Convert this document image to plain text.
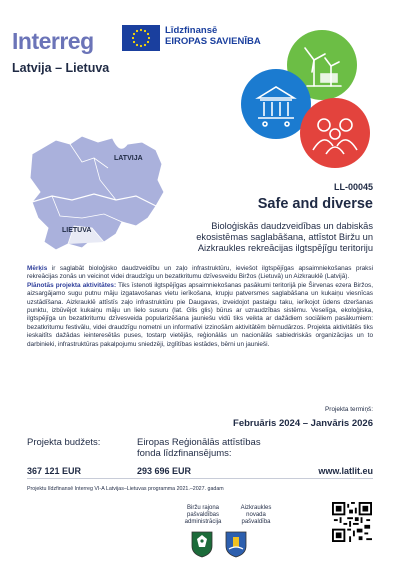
Interreg	Līdzfinansē
EIROPAS SAVIENĪBA
Latvija – Lietuva
LATVIJA
LIETUVA
LL-00045
Safe and diverse
Bioloģiskās daudzveidības un dabiskās ekosistēmas saglabāšana, attīstot Biržu un Aizkraukles rekreācijas ilgtspējīgu teritoriju

Mērķis ir saglabāt bioloģisko daudzveidību un zaļo infrastruktūru, ieviešot ilgtspējīgas apsaimniekošanas praksi rekreācijas zonās un veicinot videi draudzīgu un bezatkritumu dzīvesveidu Biržos (Lietuvā) un Aizkrauklē (Latvijā).

Plānotās projekta aktivitātes: Tiks īstenoti ilgtspējīgas apsaimniekošanas pasākumi teritorijā pie Širvenas ezera Biržos, aizsargājamo sugu putnu māju izgatavošanas vietu ierīkošana, krupju patversmes saglabāšana un kukaiņu viesnīcas uzstādīšana. Aizkrauklē attīstīs zaļo infrastruktūru pie Daugavas, izveidojot pastaigu taku, ierīkojot ūdens dzeršanas punktu, izbūvējot kukaiņu māju un lielo susuru (lat. Glis glis) būrus ar uzraudzības sistēmu. Veselīga, ekoloģiska, ilgtspējīga un bezatkritumu dzīvesveida popularizēšana jauniešu vidū tiks veikta ar dažādiem sociāliem pasākumiem: bezatkritumu festivālu, videi draudzīgu nometni un informatīvi izzinošām aktivitātēm bērnudārzos. Projekta aktivitātēs tiks ieskaitīts dažādas ieinteresētās puses, tostarp vietējās, reģionālās un nacionālās sabiedriskās organizācijas un to darbinieki, infrastruktūras pakalpojumu sniedzēji, izglītības iestādes, bērni un jaunieši.

Projekta termiņš:
Februāris 2024 – Janvāris 2026
Projekta budžets:	Eiropas Reģionālās attīstības fonda līdzfinansējums:
367 121 EUR	293 696 EUR	www.latlit.eu
Projektu līdzfinansē Interreg VI-A Latvijas–Lietuvas programma 2021.–2027. gadam
Biržu rajona pašvaldības administrācija
Aizkraukles novada pašvaldība
